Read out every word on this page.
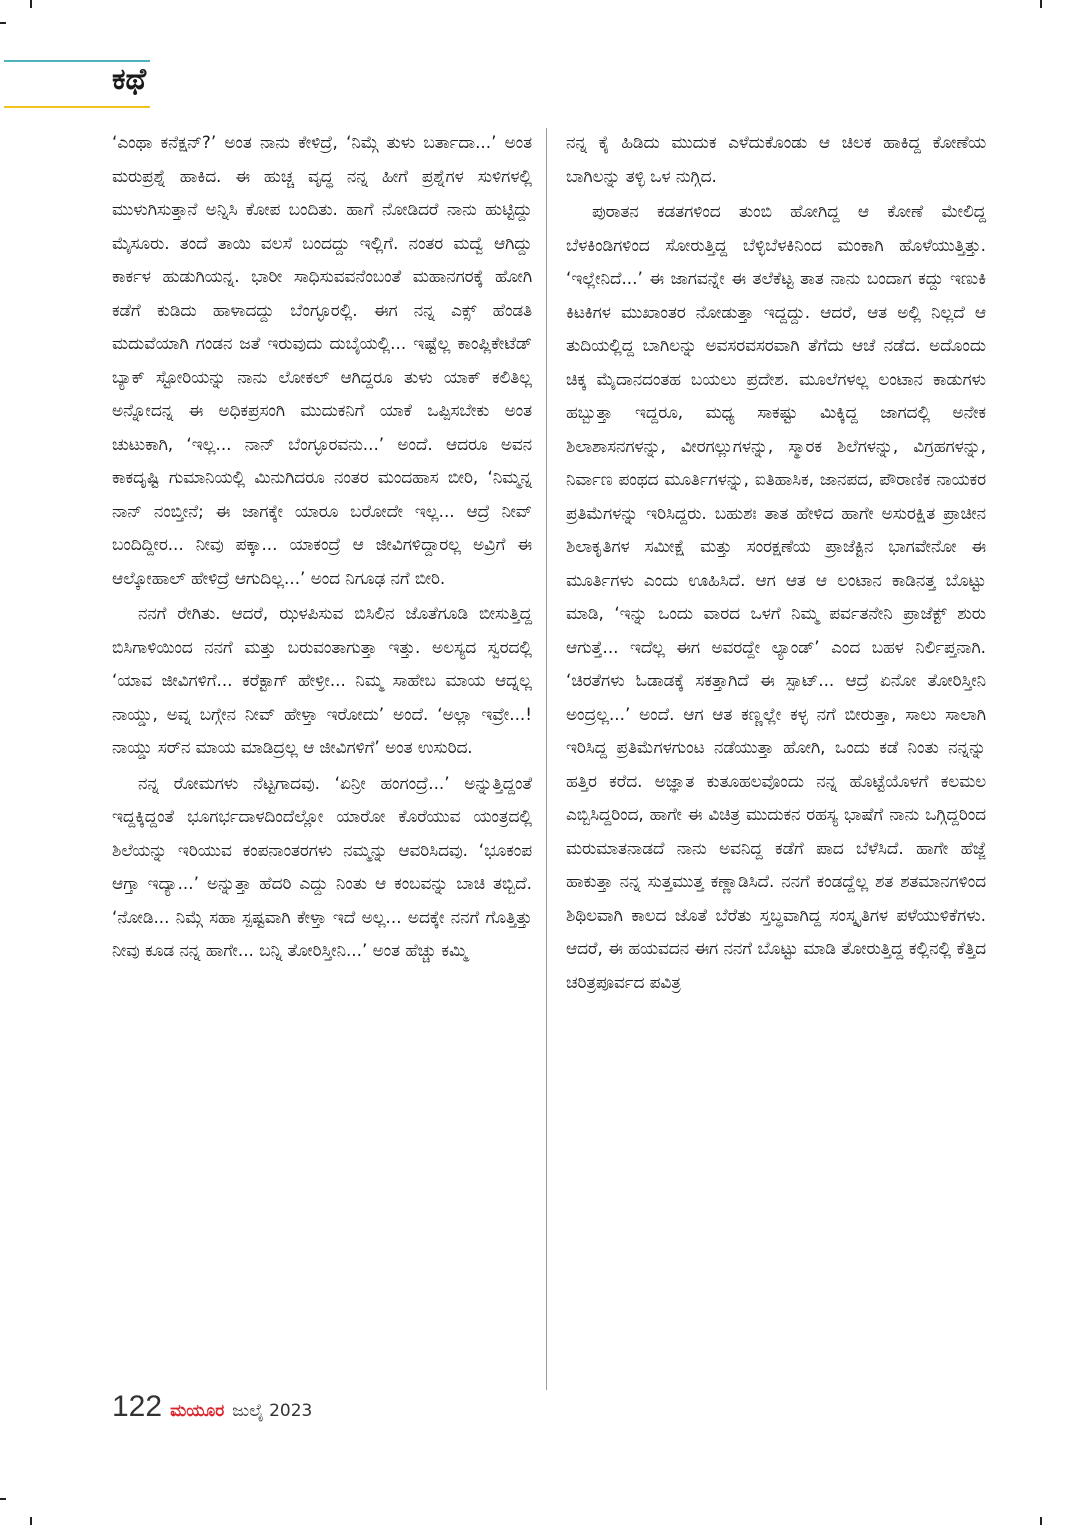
ಕಥೆ

‘ಎಂಥಾ ಕನೆಕ್ಷನ್?’ ಅಂತ ನಾನು ಕೇಳಿದ್ರೆ, ‘ನಿಮ್ಗೆ ತುಳು ಬರ್ತಾದಾ...’ ಅಂತ ಮರುಪ್ರಶ್ನೆ ಹಾಕಿದ. ಈ ಹುಚ್ಚ ವೃದ್ಧ ನನ್ನ ಹೀಗೆ ಪ್ರಶ್ನೆಗಳ ಸುಳಿಗಳಲ್ಲಿ ಮುಳುಗಿಸುತ್ತಾನೆ ಅನ್ನಿಸಿ ಕೋಪ ಬಂದಿತು. ಹಾಗೆ ನೋಡಿದರೆ ನಾನು ಹುಟ್ಟಿದ್ದು ಮೈಸೂರು. ತಂದೆ ತಾಯಿ ವಲಸೆ ಬಂದದ್ದು ಇಲ್ಲಿಗೆ. ನಂತರ ಮದ್ವೆ ಆಗಿದ್ದು ಕಾರ್ಕಳ ಹುಡುಗಿಯನ್ನ. ಭಾರೀ ಸಾಧಿಸುವವನೆಂಬಂತೆ ಮಹಾನಗರಕ್ಕೆ ಹೋಗಿ ಕಡೆಗೆ ಕುಡಿದು ಹಾಳಾದದ್ದು ಬೆಂಗ್ಳೂರಲ್ಲಿ. ಈಗ ನನ್ನ ಎಕ್ಸ್ ಹೆಂಡತಿ ಮದುವೆಯಾಗಿ ಗಂಡನ ಜತೆ ಇರುವುದು ದುಬೈಯಲ್ಲಿ... ಇಷ್ಟೆಲ್ಲ ಕಾಂಪ್ಲಿಕೇಟೆಡ್ ಬ್ಯಾಕ್ ಸ್ಟೋರಿಯನ್ನು ನಾನು ಲೋಕಲ್ ಆಗಿದ್ದರೂ ತುಳು ಯಾಕ್ ಕಲಿತಿಲ್ಲ ಅನ್ನೋದನ್ನ ಈ ಅಧಿಕಪ್ರಸಂಗಿ ಮುದುಕನಿಗೆ ಯಾಕೆ ಒಪ್ಪಿಸಬೇಕು ಅಂತ ಚುಟುಕಾಗಿ, ‘ಇಲ್ಲ... ನಾನ್ ಬೆಂಗ್ಳೂರವನು...’ ಅಂದೆ. ಆದರೂ ಅವನ ಕಾಕದೃಷ್ಟಿ ಗುಮಾನಿಯಲ್ಲಿ ಮಿನುಗಿದರೂ ನಂತರ ಮಂದಹಾಸ ಬೀರಿ, ‘ನಿಮ್ಮನ್ನ ನಾನ್ ನಂಬ್ತೀನೆ; ಈ ಜಾಗಕ್ಕೇ ಯಾರೂ ಬರೋದೇ ಇಲ್ಲ... ಆದ್ರೆ ನೀವ್ ಬಂದಿದ್ದೀರ... ನೀವು ಪಕ್ಕಾ... ಯಾಕಂದ್ರೆ ಆ ಜೀವಿಗಳಿದ್ದಾರಲ್ಲ ಅವ್ರಿಗೆ ಈ ಆಲ್ಕೋಹಾಲ್ ಹೇಳಿದ್ರೆ ಆಗುದಿಲ್ಲ...’ ಅಂದ ನಿಗೂಢ ನಗೆ ಬೀರಿ.

ನನಗೆ ರೇಗಿತು. ಆದರೆ, ಝಳಪಿಸುವ ಬಿಸಿಲಿನ ಜೊತೆಗೂಡಿ ಬೀಸುತ್ತಿದ್ದ ಬಿಸಿಗಾಳಿಯಿಂದ ನನಗೆ ಮತ್ತು ಬರುವಂತಾಗುತ್ತಾ ಇತ್ತು. ಅಲಸ್ಯದ ಸ್ವರದಲ್ಲಿ ‘ಯಾವ ಜೀವಿಗಳಿಗೆ... ಕರೆಕ್ಟಾಗ್ ಹೇಳ್ರೀ... ನಿಮ್ಮ ಸಾಹೇಬ ಮಾಯ ಆದ್ನಲ್ಲ ನಾಯ್ಡು, ಅವ್ನ ಬಗ್ಗೇನ ನೀವ್ ಹೇಳ್ತಾ ಇರೋದು’ ಅಂದೆ. ‘ಅಲ್ಲಾ ಇವ್ರೇ...! ನಾಯ್ಡು ಸರ್‌ನ ಮಾಯ ಮಾಡಿದ್ರಲ್ಲ ಆ ಜೀವಿಗಳಿಗೆ’ ಅಂತ ಉಸುರಿದ.

ನನ್ನ ರೋಮಗಳು ನೆಟ್ಟಗಾದವು. ‘ಏನ್ರೀ ಹಂಗಂದ್ರೆ...’ ಅನ್ನುತ್ತಿದ್ದಂತೆ ಇದ್ದಕ್ಕಿದ್ದಂತೆ ಭೂಗರ್ಭದಾಳದಿಂದೆಲ್ಲೋ ಯಾರೋ ಕೊರೆಯುವ ಯಂತ್ರದಲ್ಲಿ ಶಿಲೆಯನ್ನು ಇರಿಯುವ ಕಂಪನಾಂತರಗಳು ನಮ್ಮನ್ನು ಆವರಿಸಿದವು. ‘ಭೂಕಂಪ ಆಗ್ತಾ ಇದ್ಯಾ...’ ಅನ್ನುತ್ತಾ ಹೆದರಿ ಎದ್ದು ನಿಂತು ಆ ಕಂಬವನ್ನು ಬಾಚಿ ತಬ್ಬಿದೆ. ‘ನೋಡಿ... ನಿಮ್ಗೆ ಸಹಾ ಸ್ಪಷ್ಟವಾಗಿ ಕೇಳ್ತಾ ಇದೆ ಅಲ್ಲ... ಅದಕ್ಕೇ ನನಗೆ ಗೊತ್ತಿತ್ತು ನೀವು ಕೂಡ ನನ್ನ ಹಾಗೇ... ಬನ್ನಿ ತೋರಿಸ್ತೀನಿ...’ ಅಂತ ಹೆಚ್ಚು ಕಮ್ಮಿ

ನನ್ನ ಕೈ ಹಿಡಿದು ಮುದುಕ ಎಳೆದುಕೊಂಡು ಆ ಚಿಲಕ ಹಾಕಿದ್ದ ಕೋಣೆಯ ಬಾಗಿಲನ್ನು ತಳ್ಳಿ ಒಳ ನುಗ್ಗಿದ.

ಪುರಾತನ ಕಡತಗಳಿಂದ ತುಂಬಿ ಹೋಗಿದ್ದ ಆ ಕೋಣೆ ಮೇಲಿದ್ದ ಬೆಳಕಿಂಡಿಗಳಿಂದ ಸೋರುತ್ತಿದ್ದ ಬೆಳ್ಳಿಬೆಳಕಿನಿಂದ ಮಂಕಾಗಿ ಹೊಳೆಯುತ್ತಿತ್ತು. ‘ಇಲ್ಲೇನಿದೆ...’ ಈ ಜಾಗವನ್ನೇ ಈ ತಲೆಕೆಟ್ಟ ತಾತ ನಾನು ಬಂದಾಗ ಕದ್ದು ಇಣುಕಿ ಕಿಟಕಿಗಳ ಮುಖಾಂತರ ನೋಡುತ್ತಾ ಇದ್ದದ್ದು. ಆದರೆ, ಆತ ಅಲ್ಲಿ ನಿಲ್ಲದೆ ಆ ತುದಿಯಲ್ಲಿದ್ದ ಬಾಗಿಲನ್ನು ಅವಸರವಸರವಾಗಿ ತೆಗೆದು ಆಚೆ ನಡೆದ. ಅದೊಂದು ಚಿಕ್ಕ ಮೈದಾನದಂತಹ ಬಯಲು ಪ್ರದೇಶ. ಮೂಲೆಗಳಲ್ಲ ಲಂಟಾನ ಕಾಡುಗಳು ಹಬ್ಬುತ್ತಾ ಇದ್ದರೂ, ಮಧ್ಯ ಸಾಕಷ್ಟು ಮಿಕ್ಕಿದ್ದ ಜಾಗದಲ್ಲಿ ಅನೇಕ ಶಿಲಾಶಾಸನಗಳನ್ನು, ವೀರಗಲ್ಲುಗಳನ್ನು, ಸ್ಮಾರಕ ಶಿಲೆಗಳನ್ನು, ವಿಗ್ರಹಗಳನ್ನು, ನಿರ್ವಾಣ ಪಂಥದ ಮೂರ್ತಿಗಳನ್ನು, ಐತಿಹಾಸಿಕ, ಜಾನಪದ, ಪೌರಾಣಿಕ ನಾಯಕರ ಪ್ರತಿಮೆಗಳನ್ನು ಇರಿಸಿದ್ದರು. ಬಹುಶಃ ತಾತ ಹೇಳಿದ ಹಾಗೇ ಅಸುರಕ್ಷಿತ ಪ್ರಾಚೀನ ಶಿಲಾಕೃತಿಗಳ ಸಮೀಕ್ಷೆ ಮತ್ತು ಸಂರಕ್ಷಣೆಯ ಪ್ರಾಜೆಕ್ಟಿನ ಭಾಗವೇನೋ ಈ ಮೂರ್ತಿಗಳು ಎಂದು ಊಹಿಸಿದೆ. ಆಗ ಆತ ಆ ಲಂಟಾನ ಕಾಡಿನತ್ತ ಬೊಟ್ಟು ಮಾಡಿ, ‘ಇನ್ನು ಒಂದು ವಾರದ ಒಳಗೆ ನಿಮ್ಮ ಪರ್ವತನೇನಿ ಪ್ರಾಜೆಕ್ಟ್ ಶುರು ಆಗುತ್ತೆ... ಇದೆಲ್ಲ ಈಗ ಅವರದ್ದೇ ಲ್ಯಾಂಡ್’ ಎಂದ ಬಹಳ ನಿರ್ಲಿಪ್ತನಾಗಿ. ‘ಚಿರತೆಗಳು ಓಡಾಡಕ್ಕೆ ಸಕತ್ತಾಗಿದೆ ಈ ಸ್ಪಾಟ್... ಆದ್ರೆ ಏನೋ ತೋರಿಸ್ತೀನಿ ಅಂದ್ರಲ್ಲ...’ ಅಂದೆ. ಆಗ ಆತ ಕಣ್ಣಲ್ಲೇ ಕಳ್ಳ ನಗೆ ಬೀರುತ್ತಾ, ಸಾಲು ಸಾಲಾಗಿ ಇರಿಸಿದ್ದ ಪ್ರತಿಮೆಗಳಗುಂಟ ನಡೆಯುತ್ತಾ ಹೋಗಿ, ಒಂದು ಕಡೆ ನಿಂತು ನನ್ನನ್ನು ಹತ್ತಿರ ಕರೆದ. ಅಜ್ಞಾತ ಕುತೂಹಲವೊಂದು ನನ್ನ ಹೊಟ್ಟೆಯೊಳಗೆ ಕಲಮಲ ಎಬ್ಬಿಸಿದ್ದರಿಂದ, ಹಾಗೇ ಈ ವಿಚಿತ್ರ ಮುದುಕನ ರಹಸ್ಯ ಭಾಷೆಗೆ ನಾನು ಒಗ್ಗಿದ್ದರಿಂದ ಮರುಮಾತನಾಡದೆ ನಾನು ಅವನಿದ್ದ ಕಡೆಗೆ ಪಾದ ಬೆಳೆಸಿದೆ. ಹಾಗೇ ಹೆಜ್ಜೆ ಹಾಕುತ್ತಾ ನನ್ನ ಸುತ್ತಮುತ್ತ ಕಣ್ಣಾಡಿಸಿದೆ. ನನಗೆ ಕಂಡದ್ದೆಲ್ಲ ಶತ ಶತಮಾನಗಳಿಂದ ಶಿಥಿಲವಾಗಿ ಕಾಲದ ಜೊತೆ ಬೆರೆತು ಸ್ತಬ್ಧವಾಗಿದ್ದ ಸಂಸ್ಕೃತಿಗಳ ಪಳೆಯುಳಿಕೆಗಳು. ಆದರೆ, ಈ ಹಯವದನ ಈಗ ನನಗೆ ಬೊಟ್ಟು ಮಾಡಿ ತೋರುತ್ತಿದ್ದ ಕಲ್ಲಿನಲ್ಲಿ ಕೆತ್ತಿದ ಚರಿತ್ರಪೂರ್ವದ ಪವಿತ್ರ

122 ಮಯೂರ ಜುಲೈ 2023
